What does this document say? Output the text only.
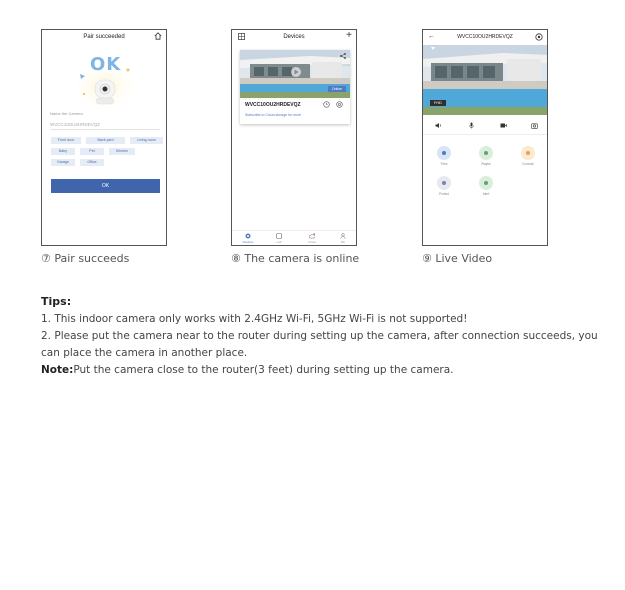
Pair succeeded
OK
Name the Camera
WVCC10OU2HRDEVQZ
Front door	Back yard	Living room
Baby	Pet	Kitchen
Garage	Office
OK
⑦ Pair succeeds
Devices	+
Online
WVCC10OU2HRDEVQZ
Subscribe to Cloud storage for more
Devices	Lab	Cloud	Me
⑧ The camera is online
←	WVCC10OU2HRDEVQZ
FHD
Files	Playbk	Console
Protect	Alert
⑨ Live Video
Tips:

1. This indoor camera only works with 2.4GHz Wi-Fi, 5GHz Wi-Fi is not supported!

2. Please put the camera near to the router during setting up the camera, after connection succeeds, you can place the camera in another place.

Note:Put the camera close to the router(3 feet) during setting up the camera.
